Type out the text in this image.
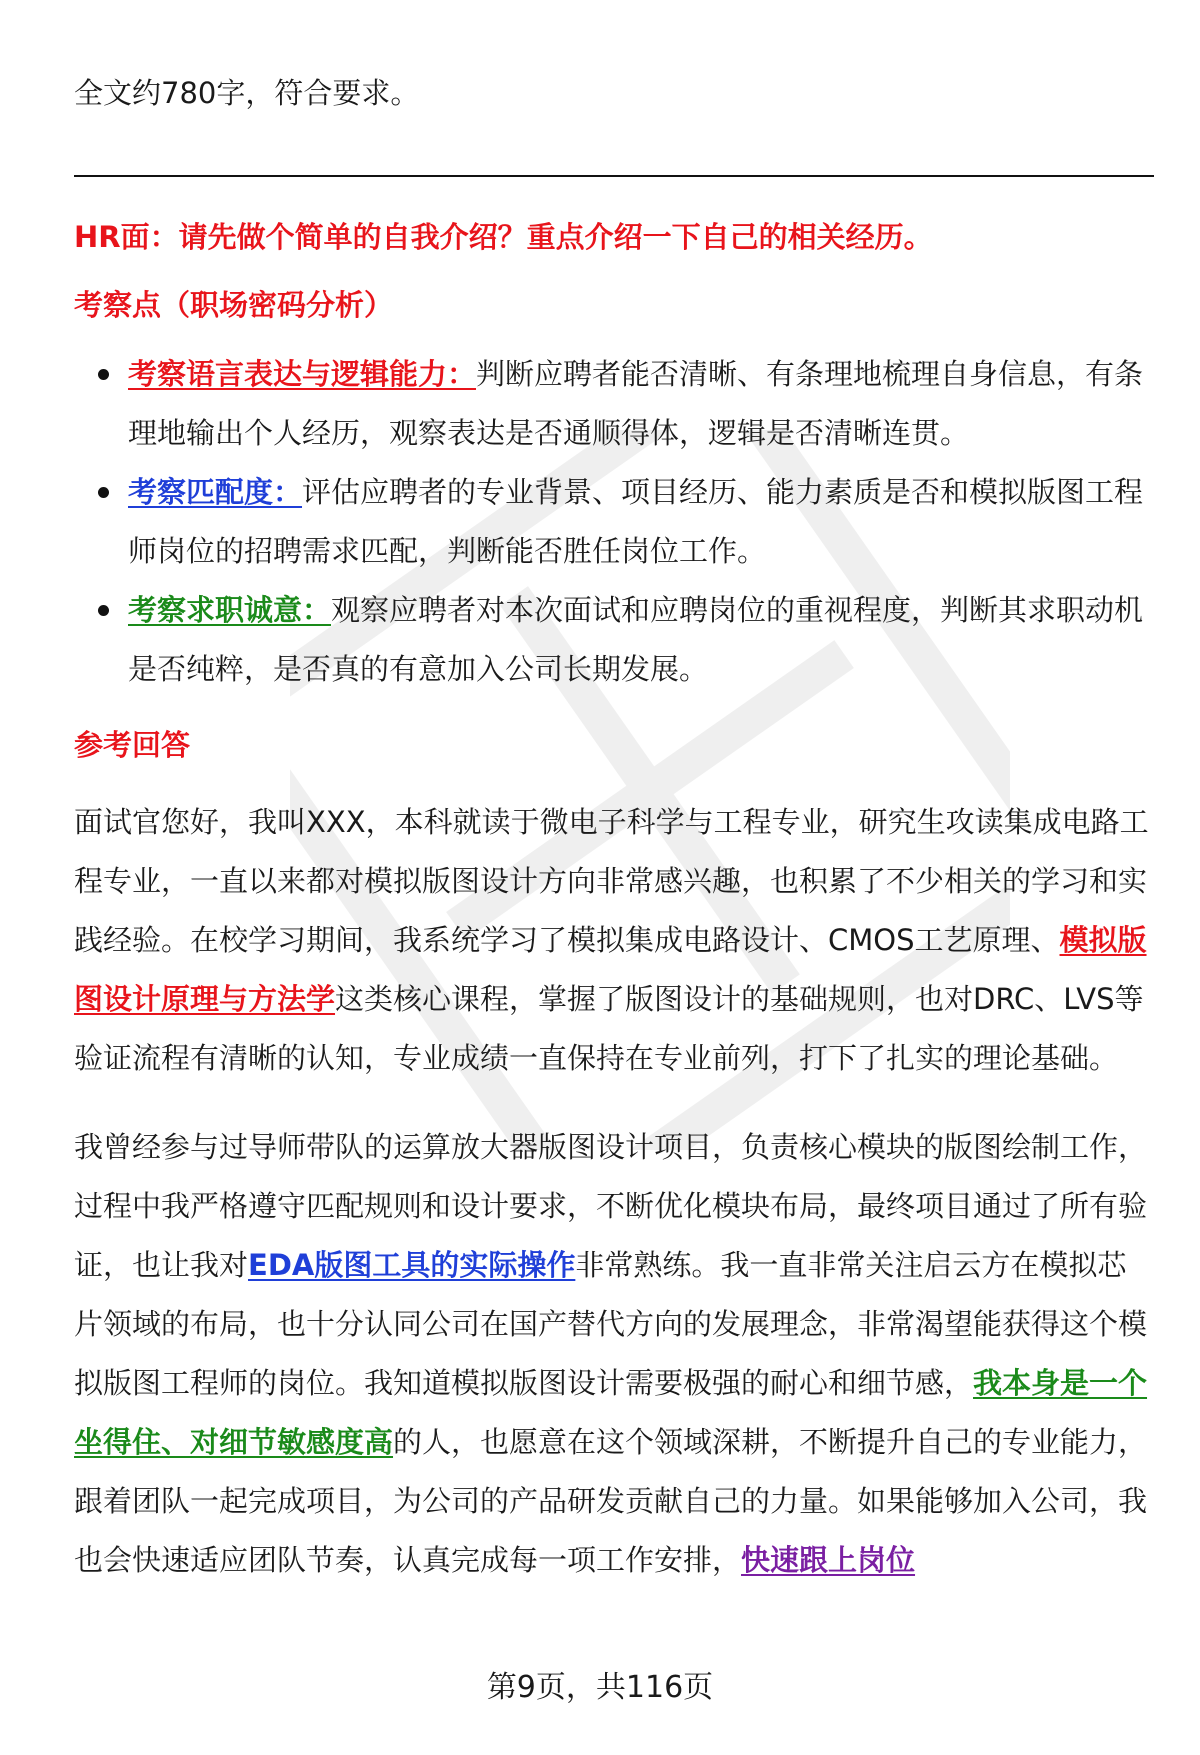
全文约780字，符合要求。

HR面：请先做个简单的自我介绍？重点介绍一下自己的相关经历。

考察点（职场密码分析）

考察语言表达与逻辑能力：判断应聘者能否清晰、有条理地梳理自身信息，有条理地输出个人经历，观察表达是否通顺得体，逻辑是否清晰连贯。
考察匹配度：评估应聘者的专业背景、项目经历、能力素质是否和模拟版图工程师岗位的招聘需求匹配，判断能否胜任岗位工作。
考察求职诚意：观察应聘者对本次面试和应聘岗位的重视程度，判断其求职动机是否纯粹，是否真的有意加入公司长期发展。

参考回答

面试官您好，我叫XXX，本科就读于微电子科学与工程专业，研究生攻读集成电路工程专业，一直以来都对模拟版图设计方向非常感兴趣，也积累了不少相关的学习和实践经验。在校学习期间，我系统学习了模拟集成电路设计、CMOS工艺原理、模拟版图设计原理与方法学这类核心课程，掌握了版图设计的基础规则，也对DRC、LVS等验证流程有清晰的认知，专业成绩一直保持在专业前列，打下了扎实的理论基础。

我曾经参与过导师带队的运算放大器版图设计项目，负责核心模块的版图绘制工作，过程中我严格遵守匹配规则和设计要求，不断优化模块布局，最终项目通过了所有验证，也让我对EDA版图工具的实际操作非常熟练。我一直非常关注启云方在模拟芯片领域的布局，也十分认同公司在国产替代方向的发展理念，非常渴望能获得这个模拟版图工程师的岗位。我知道模拟版图设计需要极强的耐心和细节感，我本身是一个坐得住、对细节敏感度高的人，也愿意在这个领域深耕，不断提升自己的专业能力，跟着团队一起完成项目，为公司的产品研发贡献自己的力量。如果能够加入公司，我也会快速适应团队节奏，认真完成每一项工作安排，快速跟上岗位

第9页，共116页
